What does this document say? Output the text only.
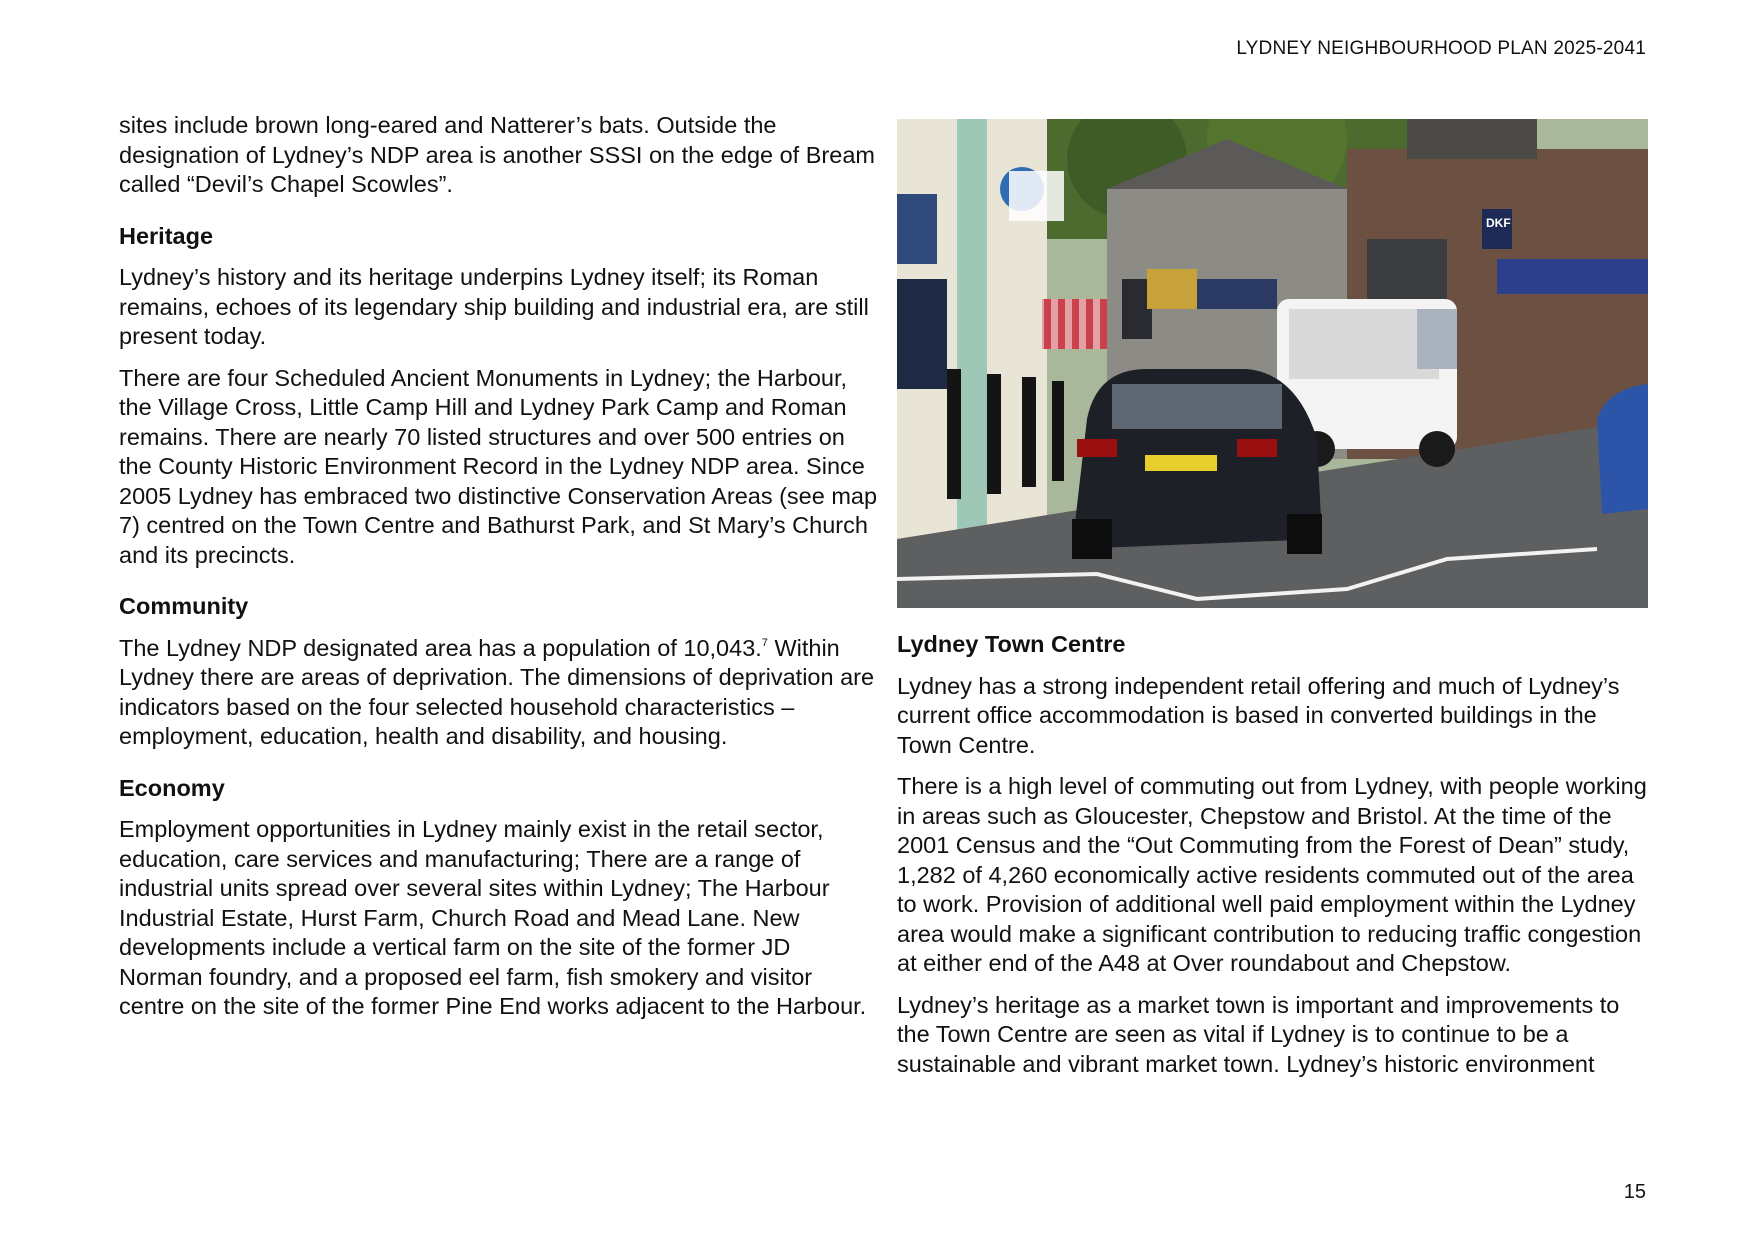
LYDNEY NEIGHBOURHOOD PLAN 2025-2041

sites include brown long-eared and Natterer’s bats. Outside the designation of Lydney’s NDP area is another SSSI on the edge of Bream called “Devil’s Chapel Scowles”.

Heritage

Lydney’s history and its heritage underpins Lydney itself; its Roman remains, echoes of its legendary ship building and industrial era, are still present today.

There are four Scheduled Ancient Monuments in Lydney; the Harbour, the Village Cross, Little Camp Hill and Lydney Park Camp and Roman remains. There are nearly 70 listed structures and over 500 entries on the County Historic Environment Record in the Lydney NDP area. Since 2005 Lydney has embraced two distinctive Conservation Areas (see map 7) centred on the Town Centre and Bathurst Park, and St Mary’s Church and its precincts.

Community

The Lydney NDP designated area has a population of 10,043.$^7$ Within Lydney there are areas of deprivation. The dimensions of deprivation are indicators based on the four selected household characteristics – employment, education, health and disability, and housing.

Economy

Employment opportunities in Lydney mainly exist in the retail sector, education, care services and manufacturing; There are a range of industrial units spread over several sites within Lydney; The Harbour Industrial Estate, Hurst Farm, Church Road and Mead Lane. New developments include a vertical farm on the site of the former JD Norman foundry, and a proposed eel farm, fish smokery and visitor centre on the site of the former Pine End works adjacent to the Harbour.

DKF
Lydney Town Centre

Lydney has a strong independent retail offering and much of Lydney’s current office accommodation is based in converted buildings in the Town Centre.

There is a high level of commuting out from Lydney, with people working in areas such as Gloucester, Chepstow and Bristol. At the time of the 2001 Census and the “Out Commuting from the Forest of Dean” study, 1,282 of 4,260 economically active residents commuted out of the area to work. Provision of additional well paid employment within the Lydney area would make a significant contribution to reducing traffic congestion at either end of the A48 at Over roundabout and Chepstow.

Lydney’s heritage as a market town is important and improvements to the Town Centre are seen as vital if Lydney is to continue to be a sustainable and vibrant market town. Lydney’s historic environment

15
